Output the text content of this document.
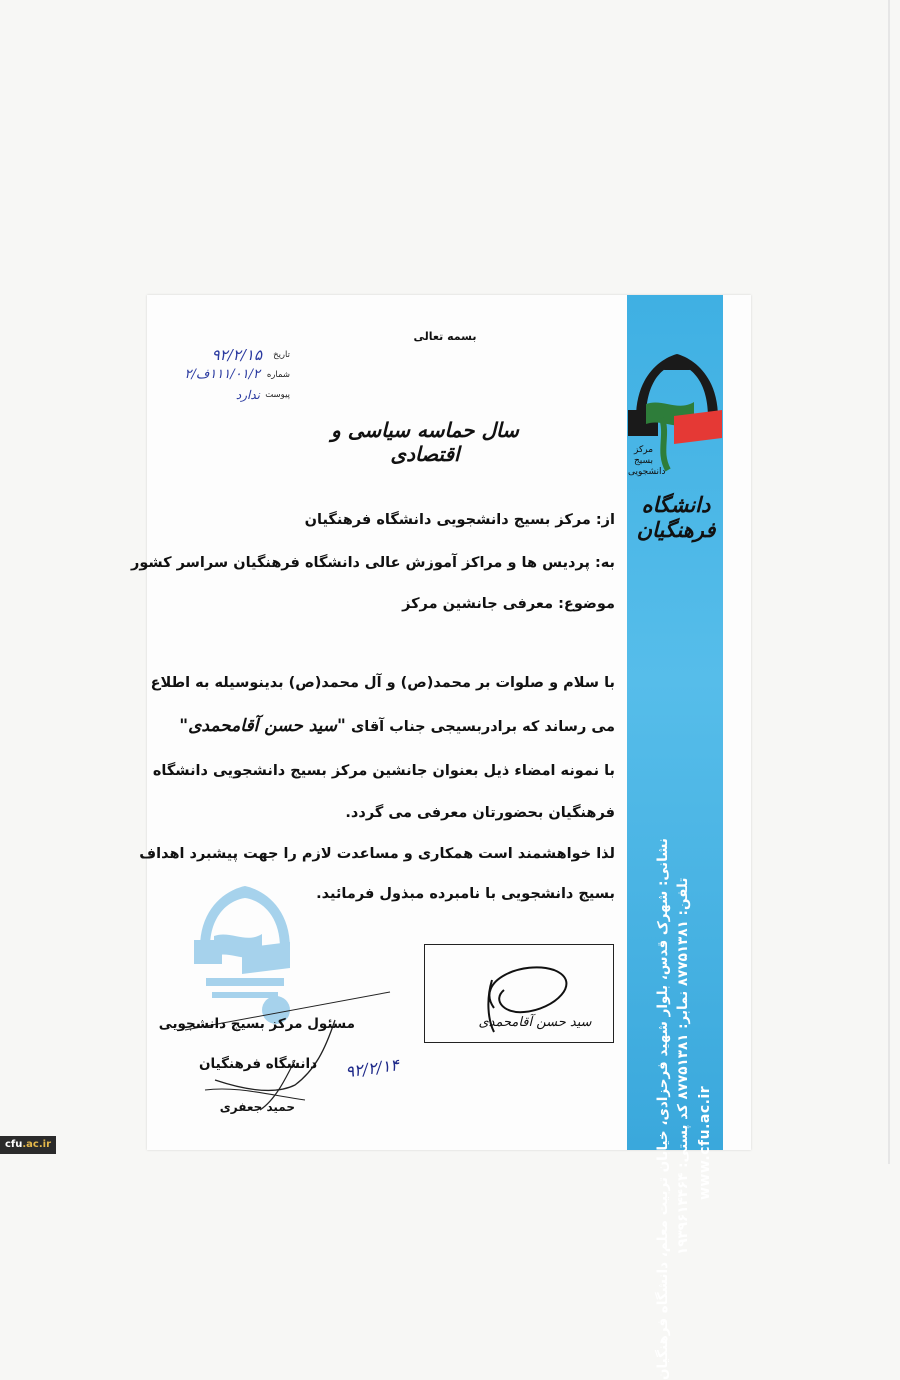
نشانی: شهرک قدس، بلوار شهید فرحزادی، خیابان تربیت معلم، دانشگاه فرهنگیان تلفن: ۸۷۷۵۱۳۸۱ نمابر: ۸۷۷۵۱۳۸۱ کد پستی: ۱۹۳۹۶۱۴۴۶۴
www.cfu.ac.ir
مرکز
بسیج
دانشجویی
دانشگاه فرهنگیان
بسمه تعالی
تاریخ
۹۲/۲/۱۵
شماره
۱۱۱/۰۱/۲ف/۲
پیوست
ندارد
سال حماسه سیاسی و اقتصادی
از: مرکز بسیج دانشجویی دانشگاه فرهنگیان
به: پردیس ها و مراکز آموزش عالی دانشگاه فرهنگیان سراسر کشور
موضوع: معرفی جانشین مرکز
با سلام و صلوات بر محمد(ص) و آل محمد(ص) بدینوسیله به اطلاع
می رساند که برادربسیجی جناب آقای "سید حسن آقامحمدی"
با نمونه امضاء ذیل بعنوان جانشین مرکز بسیج دانشجویی دانشگاه
فرهنگیان بحضورتان معرفی می گردد.
لذا خواهشمند است همکاری و مساعدت لازم را جهت پیشبرد اهداف
بسیج دانشجویی با نامبرده مبذول فرمائید.
سید حسن آقامحمدی
مسئول مرکز بسیج دانشجویی
دانشگاه فرهنگیان
حمید جعفری
۹۲/۲/۱۴
cfu.ac.ir
